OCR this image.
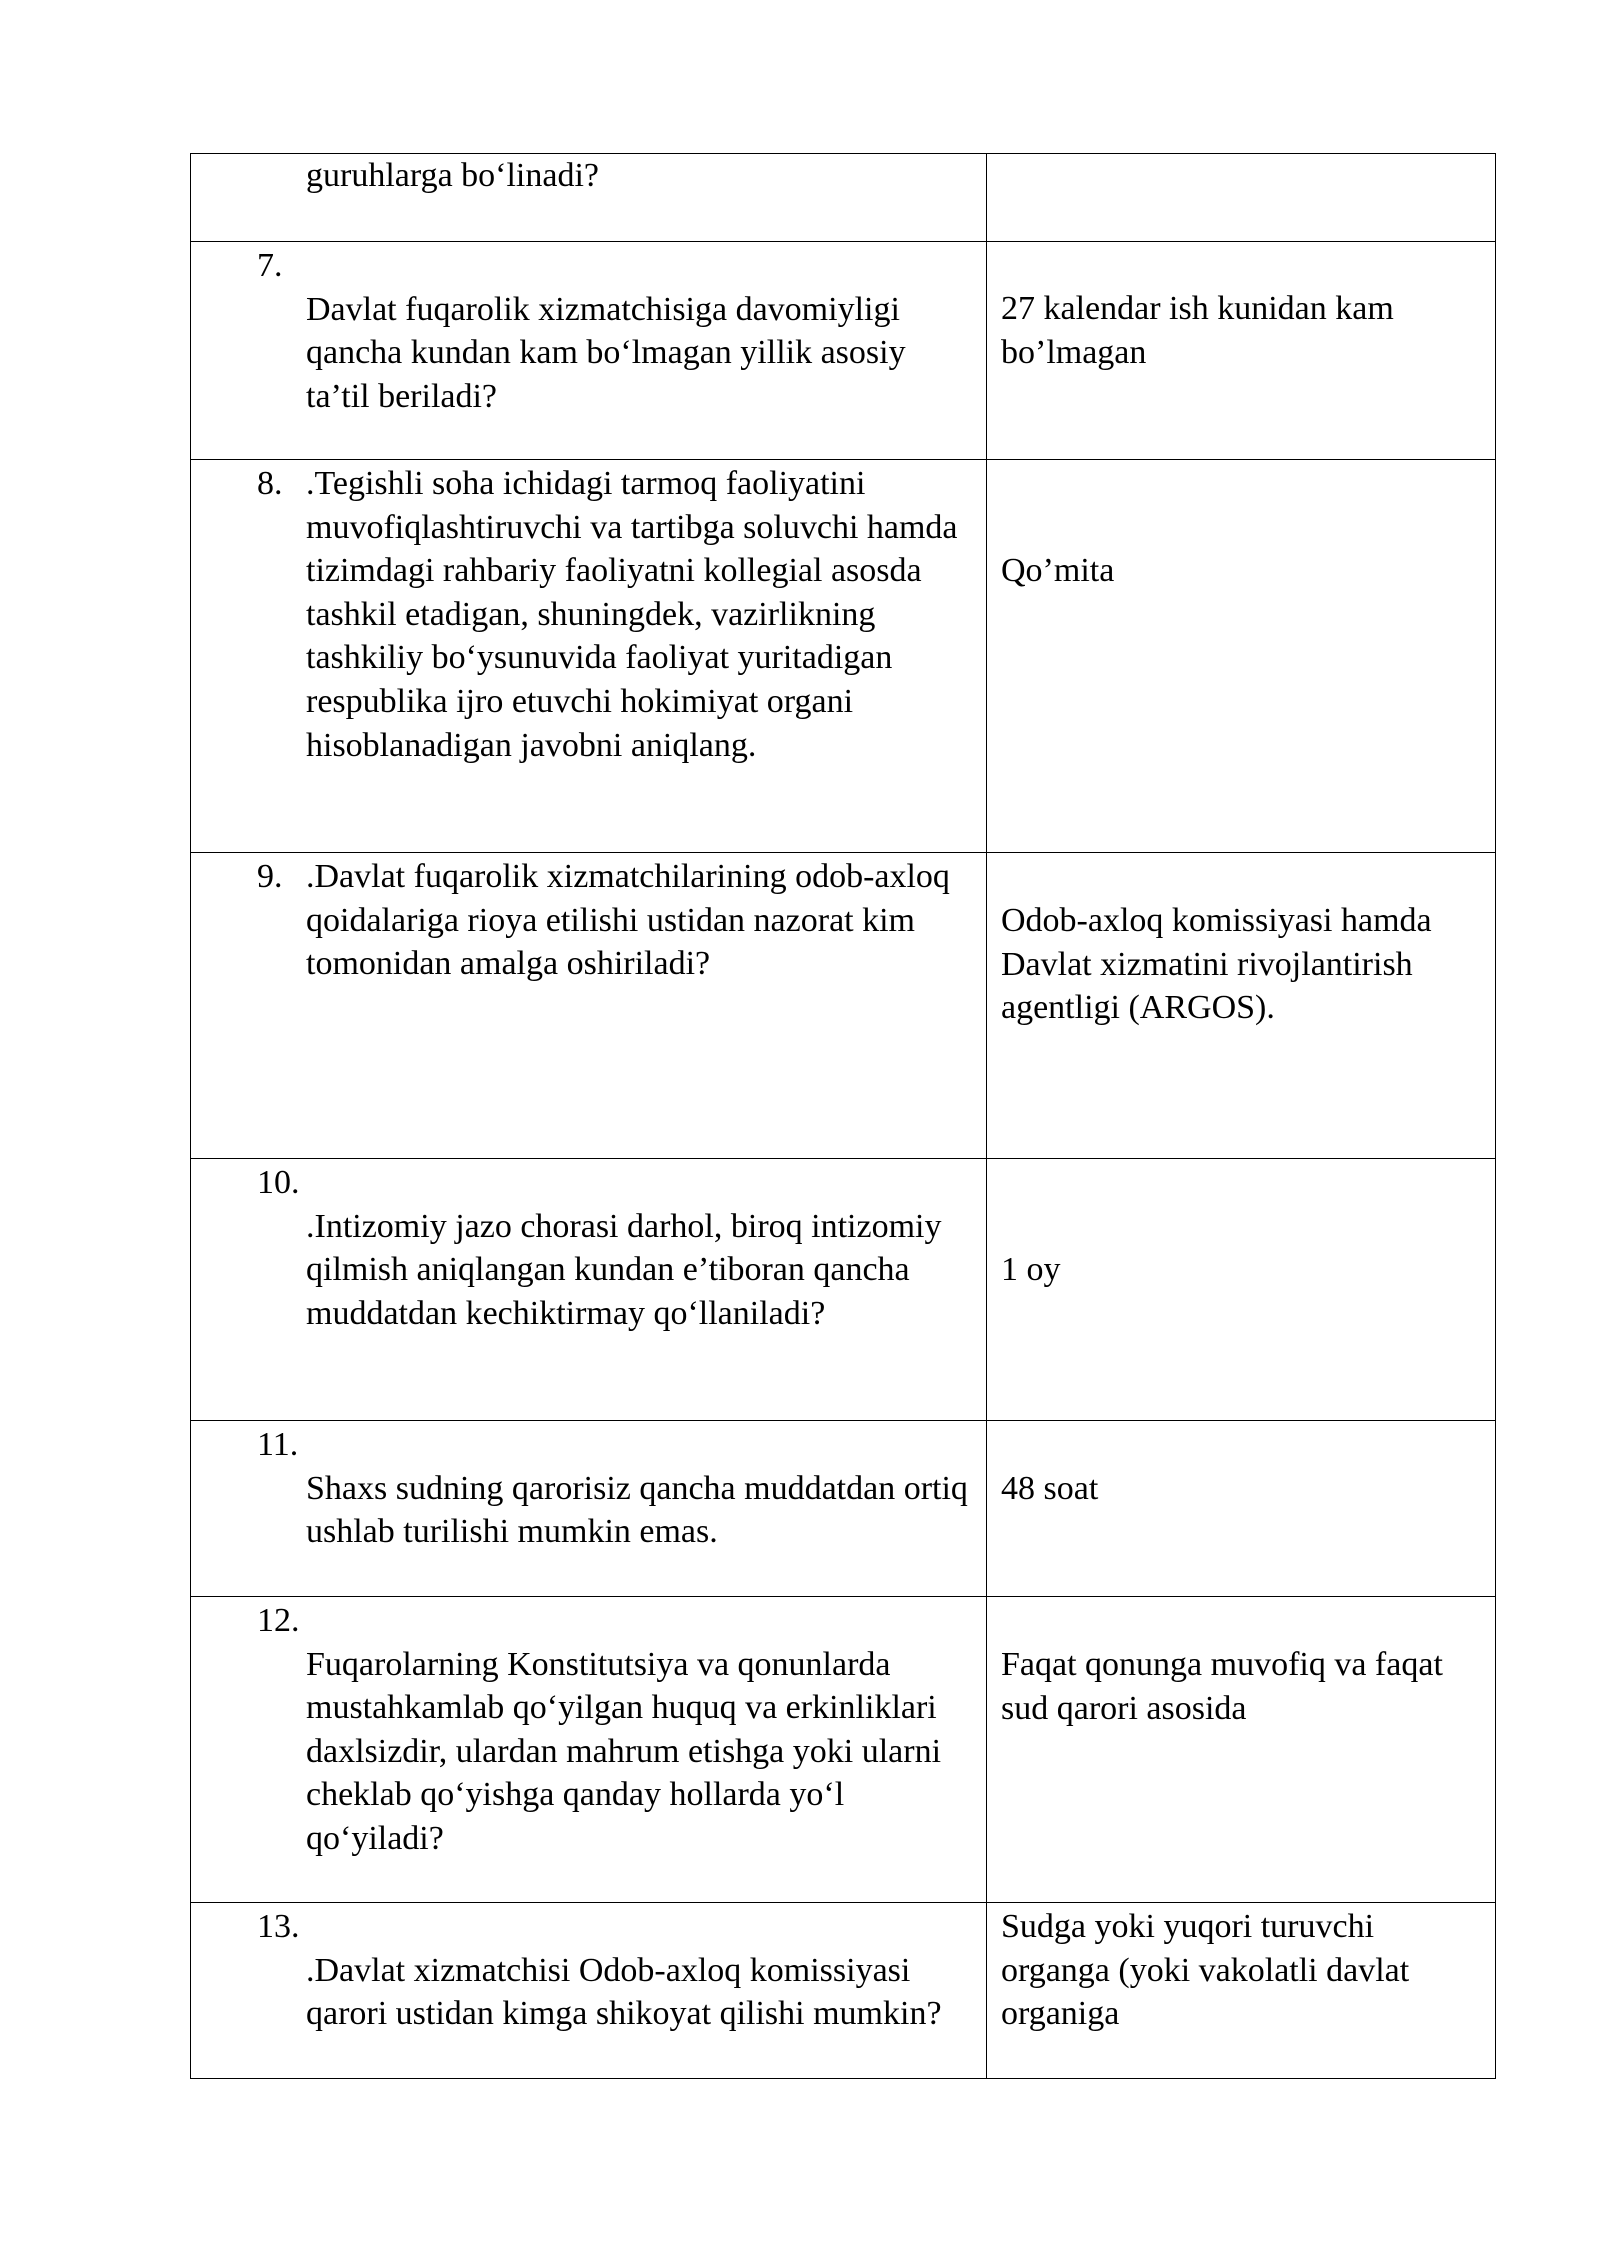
guruhlarga bo‘linadi?	

7.
Davlat fuqarolik xizmatchisiga davomiyligi qancha kundan kam bo‘lmagan yillik asosiy ta’til beriladi?	27 kalendar ish kunidan kam bo’lmagan

8. .Tegishli soha ichidagi tarmoq faoliyatini muvofiqlashtiruvchi va tartibga soluvchi hamda tizimdagi rahbariy faoliyatni kollegial asosda tashkil etadigan, shuningdek, vazirlikning tashkiliy bo‘ysunuvida faoliyat yuritadigan respublika ijro etuvchi hokimiyat organi hisoblanadigan javobni aniqlang.	Qo’mita

9. .Davlat fuqarolik xizmatchilarining odob-axloq qoidalariga rioya etilishi ustidan nazorat kim tomonidan amalga oshiriladi?	Odob-axloq komissiyasi hamda Davlat xizmatini rivojlantirish agentligi (ARGOS).

10.
.Intizomiy jazo chorasi darhol, biroq intizomiy qilmish aniqlangan kundan e’tiboran qancha muddatdan kechiktirmay qo‘llaniladi?	1 oy

11.
Shaxs sudning qarorisiz qancha muddatdan ortiq ushlab turilishi mumkin emas.	48 soat

12.
Fuqarolarning Konstitutsiya va qonunlarda mustahkamlab qo‘yilgan huquq va erkinliklari daxlsizdir, ulardan mahrum etishga yoki ularni cheklab qo‘yishga qanday hollarda yo‘l qo‘yiladi?	Faqat qonunga muvofiq va faqat sud qarori asosida

13.
.Davlat xizmatchisi Odob-axloq komissiyasi qarori ustidan kimga shikoyat qilishi mumkin?	Sudga yoki yuqori turuvchi organga (yoki vakolatli davlat organiga
